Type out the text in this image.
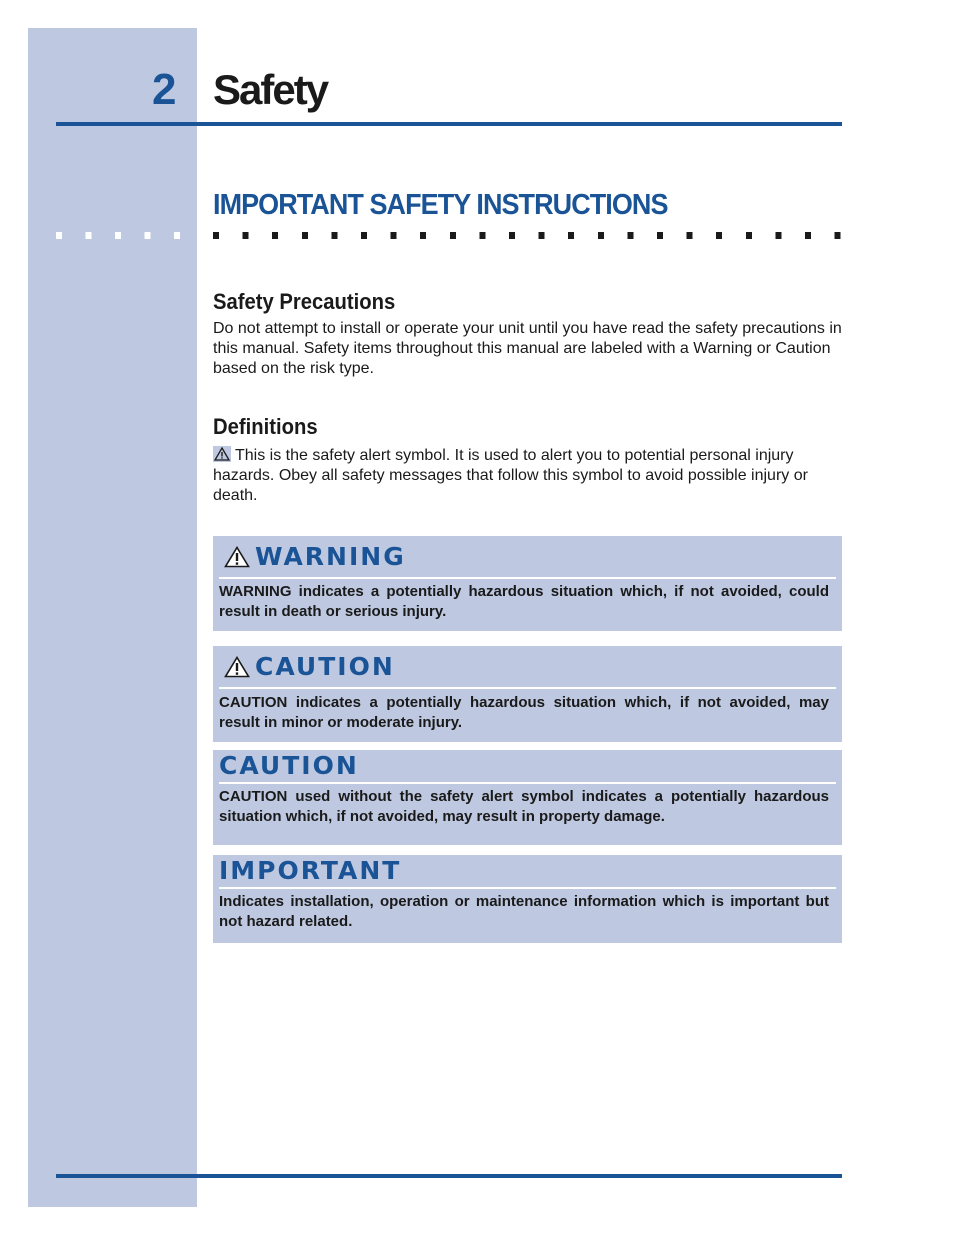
2 Safety
IMPORTANT SAFETY INSTRUCTIONS
Safety Precautions
Do not attempt to install or operate your unit until you have read the safety precautions in this manual. Safety items throughout this manual are labeled with a Warning or Caution based on the risk type.
Definitions
This is the safety alert symbol. It is used to alert you to potential personal injury hazards. Obey all safety messages that follow this symbol to avoid possible injury or death.
WARNING
WARNING indicates a potentially hazardous situation which, if not avoided, could result in death or serious injury.
CAUTION
CAUTION indicates a potentially hazardous situation which, if not avoided, may result in minor or moderate injury.
CAUTION
CAUTION used without the safety alert symbol indicates a potentially hazardous situation which, if not avoided, may result in property damage.
IMPORTANT
Indicates installation, operation or maintenance information which is important but not hazard related.
